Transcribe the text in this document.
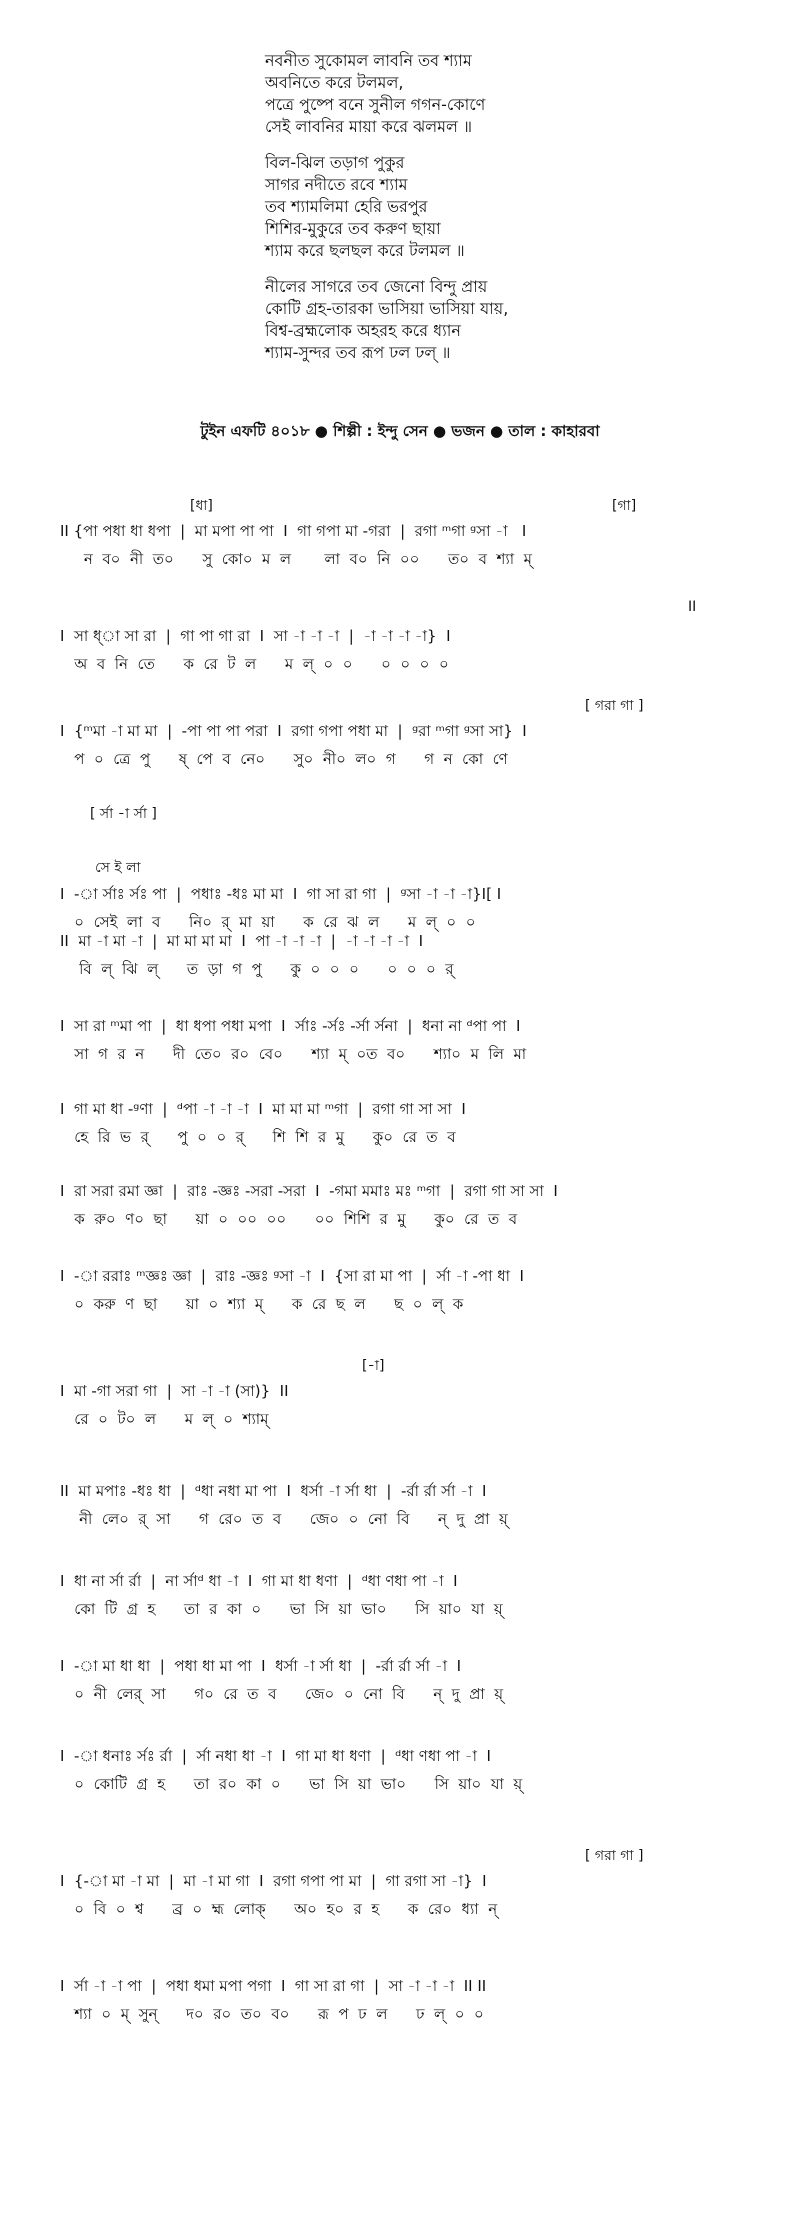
নবনীত সুকোমল লাবনি তব শ্যাম
অবনিতে করে টলমল,
পত্রে পুষ্পে বনে সুনীল গগন-কোণে
সেই লাবনির মায়া করে ঝলমল ॥
বিল-ঝিল তড়াগ পুকুর
সাগর নদীতে রবে শ্যাম
তব শ্যামলিমা হেরি ভরপুর
শিশির-মুকুরে তব করুণ ছায়া
শ্যাম করে ছলছল করে টলমল ॥
নীলের সাগরে তব জেনো বিন্দু প্রায়
কোটি গ্রহ-তারকা ভাসিয়া ভাসিয়া যায়,
বিশ্ব-ব্রহ্মলোক অহরহ করে ধ্যান
শ্যাম-সুন্দর তব রূপ ঢল ঢল্ ॥
টুইন এফটি ৪০১৮ ● শিল্পী : ইন্দু সেন ● ভজন ● তাল : কাহারবা
[ধা]	[গা]
II {পা পধা ধা ধপা  |  মা মপা পা পা  I  গা গপা মা -গরা  |  রগা ᵐগা ᵍসা -া   I
ন  ব০  নী  ত০      সু  কো০  ম  ল       লা  ব০  নি  ০০      ত০  ব  শ্যা  ম্
II
I  সা ধ্া সা রা  |  গা পা গা রা  I  সা -া -া -া  |  -া -া -া -া}  I
অ  ব  নি  তে      ক  রে  ট  ল      ম  ল্  ০  ০      ০  ০  ০  ০
[ গরা গা ]
I  {ᵐমা -া মা মা  |  -পা পা পা পরা  I  রগা গপা পধা মা  |  ᵍরা ᵐগা ᵍসা সা}  I
প  ০  ত্রে  পু      ষ্  পে  ব  নে০      সু০  নী০  ল০  গ      গ  ন  কো  ণে
[ র্সা -া র্সা ]
সে ই লা
I  -া র্সাঃ র্সঃ পা  |  পধাঃ -ধঃ মা মা  I  গা সা রা গা  |  ᵍসা -া -া -া}I[ I
০  সেই  লা  ব      নি০  র্  মা  য়া      ক  রে  ঝ  ল      ম  ল্  ০  ০
II  মা -া মা -া  |  মা মা মা মা  I  পা -া -া -া  |  -া -া -া -া  I
বি  ল্  ঝি  ল্      ত  ড়া  গ  পু      কু  ০  ০  ০      ০  ০  ০  র্
I  সা রা ᵐমা পা  |  ধা ধপা পধা মপা  I  র্সাঃ -র্সঃ -র্সা র্সনা  |  ধনা না ᵈপা পা  I
সা  গ  র  ন      দী  তে০  র০  বে০      শ্যা  ম্  ০ত  ব০      শ্যা০  ম  লি  মা
I  গা মা ধা -ᵍণা  |  ᵈপা -া -া -া  I  মা মা মা ᵐগা  |  রগা গা সা সা  I
হে  রি  ভ  র্      পু  ০  ০  র্      শি  শি  র  মু      কু০  রে  ত  ব
I  রা সরা রমা জ্ঞা  |  রাঃ -জ্ঞঃ -সরা -সরা  I  -গমা মমাঃ মঃ ᵐগা  |  রগা গা সা সা  I
ক  রু০  ণ০  ছা      য়া  ০  ০০  ০০      ০০  শিশি  র  মু      কু০  রে  ত  ব
I  -া ররাঃ ᵐজ্ঞঃ জ্ঞা  |  রাঃ -জ্ঞঃ ᵍসা -া  I  {সা রা মা পা  |  র্সা -া -পা ধা  I
০  করু  ণ  ছা      য়া  ০  শ্যা  ম্      ক  রে  ছ  ল      ছ  ০  ল্  ক
[-া]
I  মা -গা সরা গা  |  সা -া -া (সা)}  II
রে  ০  ট০  ল      ম  ল্  ০  শ্যাম্
II  মা মপাঃ -ধঃ ধা  |  ᵈধা নধা মা পা  I  ধর্সা -া র্সা ধা  |  -র্রা র্রা র্সা -া  I
নী  লে০  র্  সা      গ  রে০  ত  ব      জে০  ০  নো  বি      ন্  দু  প্রা  য়্
I  ধা না র্সা র্রা  |  না র্সাᵈ ধা -া  I  গা মা ধা ধণা  |  ᵈধা ণধা পা -া  I
কো  টি  গ্র  হ      তা  র  কা  ০      ভা  সি  য়া  ভা০      সি  য়া০  যা  য়্
I  -া মা ধা ধা  |  পধা ধা মা পা  I  ধর্সা -া র্সা ধা  |  -র্রা র্রা র্সা -া  I
০  নী  লের্  সা      গ০  রে  ত  ব      জে০  ০  নো  বি      ন্  দু  প্রা  য়্
I  -া ধনাঃ র্সঃ র্রা  |  র্সা নধা ধা -া  I  গা মা ধা ধণা  |  ᵈধা ণধা পা -া  I
০  কোটি  গ্র  হ      তা  র০  কা  ০      ভা  সি  য়া  ভা০      সি  য়া০  যা  য়্
[ গরা গা ]
I  {-া মা -া মা  |  মা -া মা গা  I  রগা গপা পা মা  |  গা রগা সা -া}  I
০  বি  ০  শ্ব      ব্র  ০  হ্ম  লোক্      অ০  হ০  র  হ      ক  রে০  ধ্যা  ন্
I  র্সা -া -া পা  |  পধা ধমা মপা পগা  I  গা সা রা গা  |  সা -া -া -া  II II
শ্যা  ০  ম্  সুন্      দ০  র০  ত০  ব০      রূ  প  ঢ  ল      ঢ  ল্  ০  ০
